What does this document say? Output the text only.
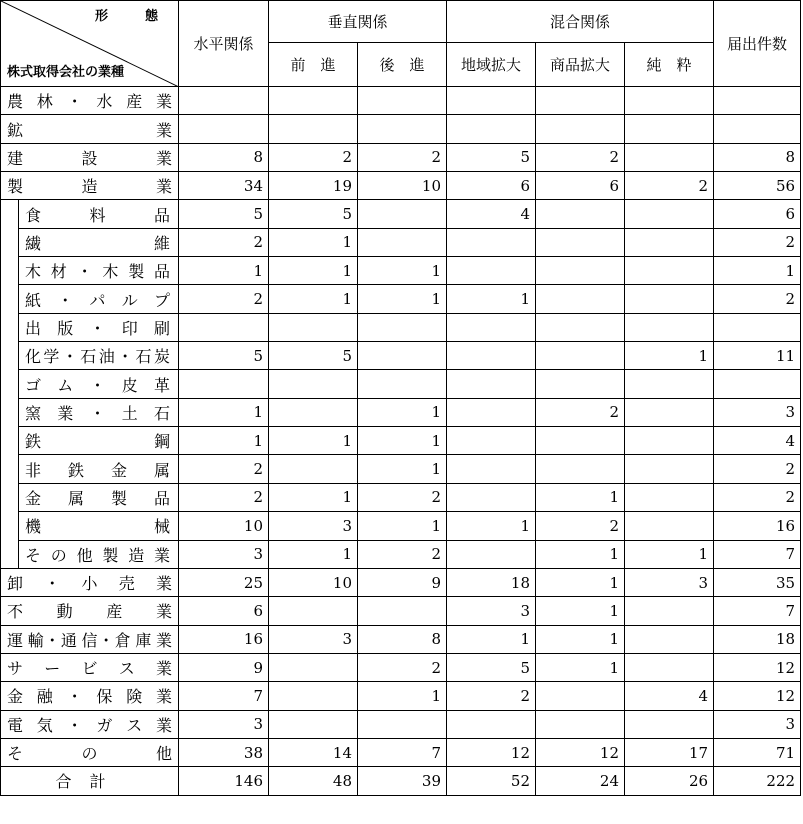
形　態
株式取得会社の業種		水平関係	垂直関係		混合関係			届出件数
			前　進	後　進	地域拡大	商品拡大	純　粋	
農林・水産業								
鉱業								
建設業		8	2	2	5	2		8
製造業		34	19	10	6	6	2	56
	食料品	5	5		4			6
	繊維	2	1					2
	木材・木製品	1	1	1				1
	紙・パルプ	2	1	1	1			2
	出版・印刷							
	化学・石油・石炭	5	5				1	11
	ゴム・皮革							
	窯業・土石	1		1		2		3
	鉄鋼	1	1	1				4
	非鉄金属	2		1				2
	金属製品	2	1	2		1		2
	機械	10	3	1	1	2		16
	その他製造業	3	1	2		1	1	7
卸・小売業		25	10	9	18	1	3	35
不動産業		6			3	1		7
運輸･通信･倉庫業		16	3	8	1	1		18
サービス業		9		2	5	1		12
金融・保険業		7		1	2		4	12
電気・ガス業		3						3
その他		38	14	7	12	12	17	71
合計		146	48	39	52	24	26	222
